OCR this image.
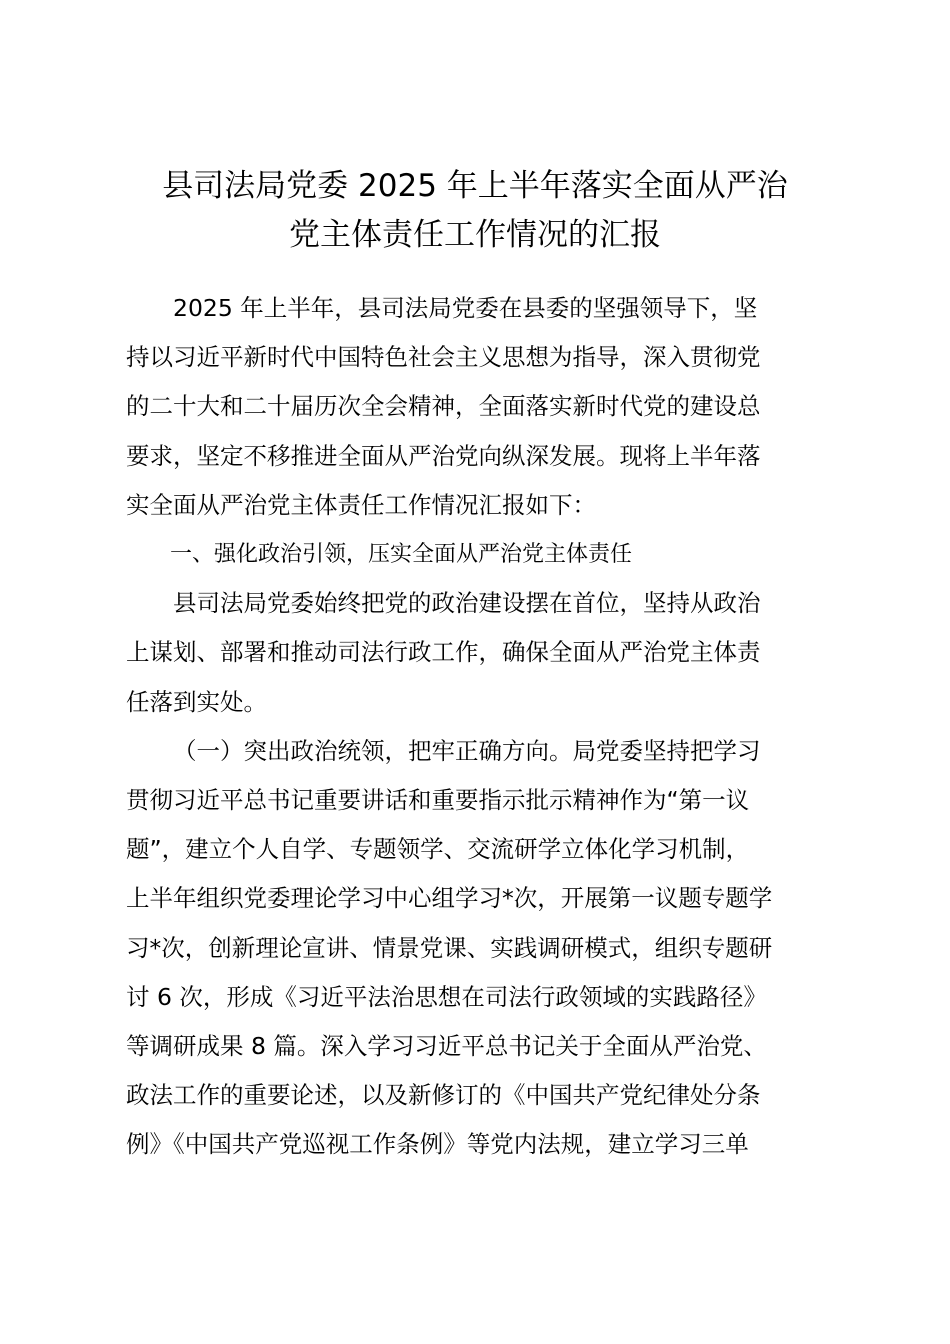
县司法局党委 2025 年上半年落实全面从严治
党主体责任工作情况的汇报
2025 年上半年，县司法局党委在县委的坚强领导下，坚
持以习近平新时代中国特色社会主义思想为指导，深入贯彻党
的二十大和二十届历次全会精神，全面落实新时代党的建设总
要求，坚定不移推进全面从严治党向纵深发展。现将上半年落
实全面从严治党主体责任工作情况汇报如下：
一、强化政治引领，压实全面从严治党主体责任
县司法局党委始终把党的政治建设摆在首位，坚持从政治
上谋划、部署和推动司法行政工作，确保全面从严治党主体责
任落到实处。
（一）突出政治统领，把牢正确方向。局党委坚持把学习
贯彻习近平总书记重要讲话和重要指示批示精神作为“第一议
题”，建立个人自学、专题领学、交流研学立体化学习机制，
上半年组织党委理论学习中心组学习*次，开展第一议题专题学
习*次，创新理论宣讲、情景党课、实践调研模式，组织专题研
讨 6 次，形成《习近平法治思想在司法行政领域的实践路径》
等调研成果 8 篇。深入学习习近平总书记关于全面从严治党、
政法工作的重要论述，以及新修订的《中国共产党纪律处分条
例》《中国共产党巡视工作条例》等党内法规，建立学习三单
